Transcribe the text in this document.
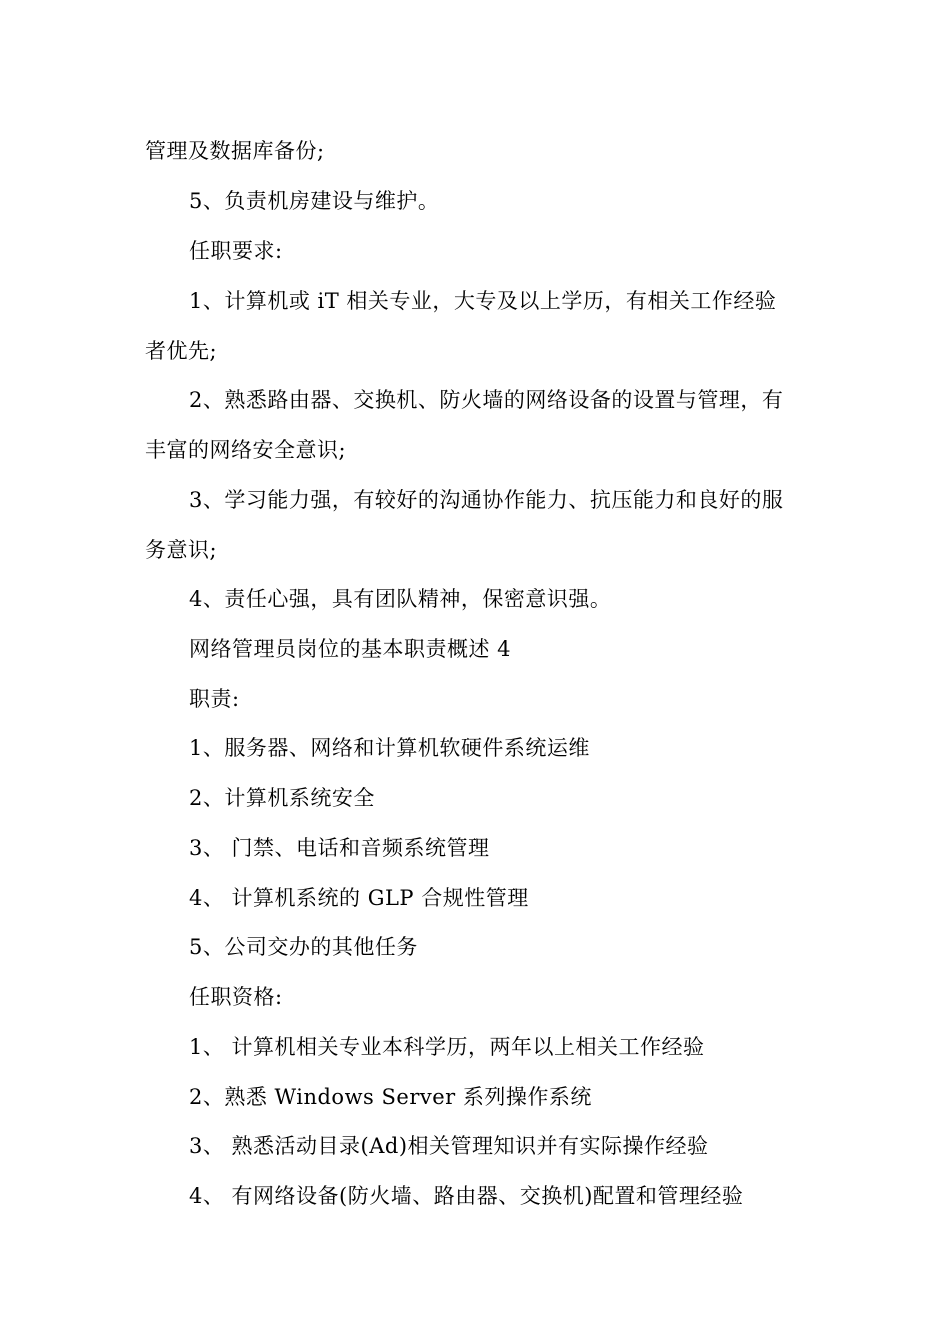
管理及数据库备份;
5、负责机房建设与维护。
任职要求:
1、计算机或 iT 相关专业，大专及以上学历，有相关工作经验
者优先;
2、熟悉路由器、交换机、防火墙的网络设备的设置与管理，有
丰富的网络安全意识;
3、学习能力强，有较好的沟通协作能力、抗压能力和良好的服
务意识;
4、责任心强，具有团队精神，保密意识强。
网络管理员岗位的基本职责概述 4
职责:
1、服务器、网络和计算机软硬件系统运维
2、计算机系统安全
3、 门禁、电话和音频系统管理
4、 计算机系统的 GLP 合规性管理
5、公司交办的其他任务
任职资格:
1、 计算机相关专业本科学历，两年以上相关工作经验
2、熟悉 Windows Server 系列操作系统
3、 熟悉活动目录(Ad)相关管理知识并有实际操作经验
4、 有网络设备(防火墙、路由器、交换机)配置和管理经验
